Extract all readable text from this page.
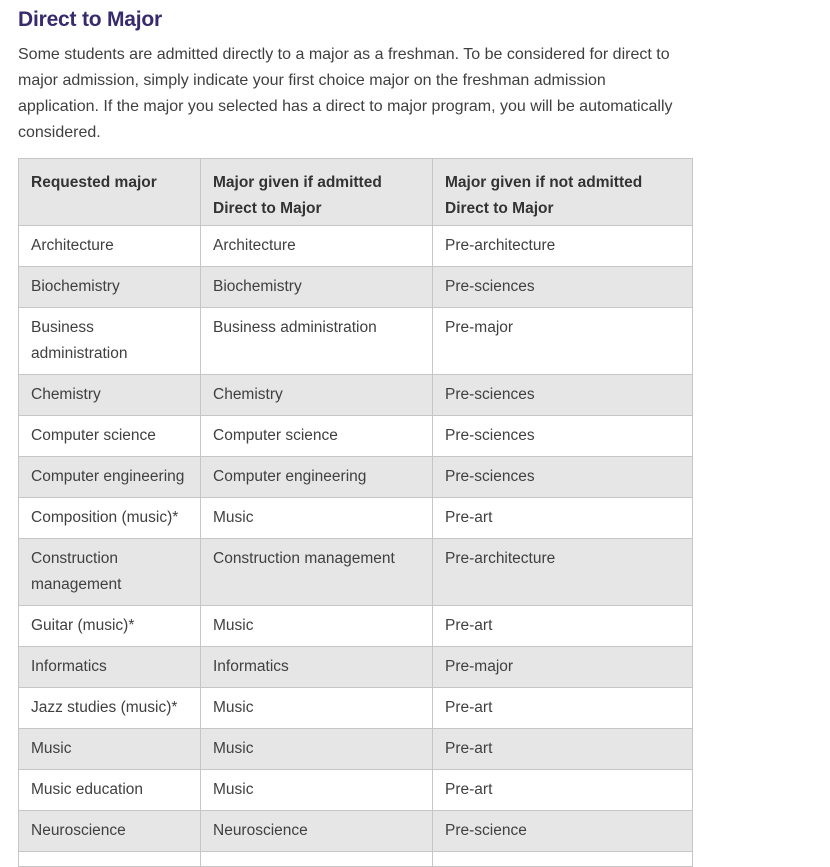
Direct to Major

Some students are admitted directly to a major as a freshman. To be considered for direct to
major admission, simply indicate your first choice major on the freshman admission
application. If the major you selected has a direct to major program, you will be automatically
considered.

Requested major	Major given if admitted Direct to Major	Major given if not admitted Direct to Major
Architecture	Architecture	Pre-architecture
Biochemistry	Biochemistry	Pre-sciences
Business administration	Business administration	Pre-major
Chemistry	Chemistry	Pre-sciences
Computer science	Computer science	Pre-sciences
Computer engineering	Computer engineering	Pre-sciences
Composition (music)*	Music	Pre-art
Construction management	Construction management	Pre-architecture
Guitar (music)*	Music	Pre-art
Informatics	Informatics	Pre-major
Jazz studies (music)*	Music	Pre-art
Music	Music	Pre-art
Music education	Music	Pre-art
Neuroscience	Neuroscience	Pre-science
